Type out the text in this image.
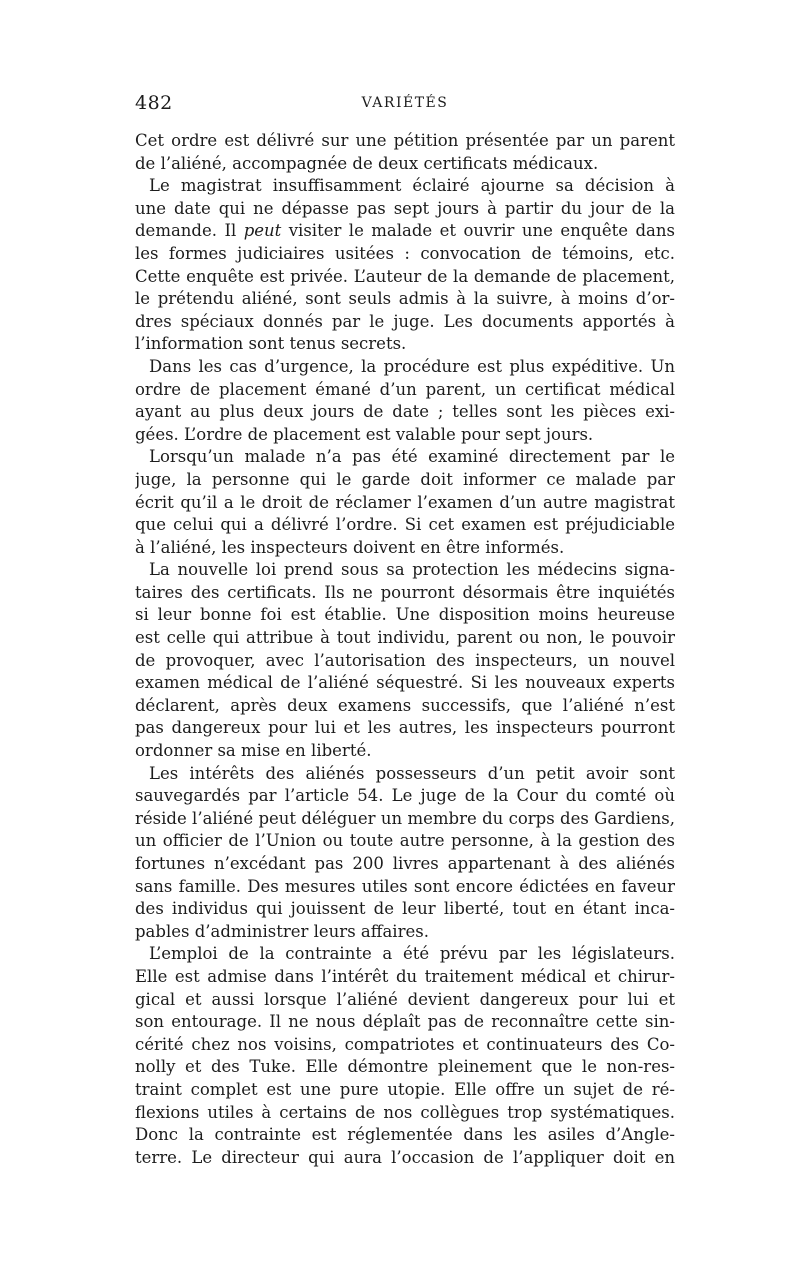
482	VARIÉTÉS
Cet ordre est délivré sur une pétition présentée par un parent
de l’aliéné, accompagnée de deux certificats médicaux.
Le magistrat insuffisamment éclairé ajourne sa décision à
une date qui ne dépasse pas sept jours à partir du jour de la
demande. Il peut visiter le malade et ouvrir une enquête dans
les formes judiciaires usitées : convocation de témoins, etc.
Cette enquête est privée. L’auteur de la demande de placement,
le prétendu aliéné, sont seuls admis à la suivre, à moins d’or-
dres spéciaux donnés par le juge. Les documents apportés à
l’information sont tenus secrets.
Dans les cas d’urgence, la procédure est plus expéditive. Un
ordre de placement émané d’un parent, un certificat médical
ayant au plus deux jours de date ; telles sont les pièces exi-
gées. L’ordre de placement est valable pour sept jours.
Lorsqu’un malade n’a pas été examiné directement par le
juge, la personne qui le garde doit informer ce malade par
écrit qu’il a le droit de réclamer l’examen d’un autre magistrat
que celui qui a délivré l’ordre. Si cet examen est préjudiciable
à l’aliéné, les inspecteurs doivent en être informés.
La nouvelle loi prend sous sa protection les médecins signa-
taires des certificats. Ils ne pourront désormais être inquiétés
si leur bonne foi est établie. Une disposition moins heureuse
est celle qui attribue à tout individu, parent ou non, le pouvoir
de provoquer, avec l’autorisation des inspecteurs, un nouvel
examen médical de l’aliéné séquestré. Si les nouveaux experts
déclarent, après deux examens successifs, que l’aliéné n’est
pas dangereux pour lui et les autres, les inspecteurs pourront
ordonner sa mise en liberté.
Les intérêts des aliénés possesseurs d’un petit avoir sont
sauvegardés par l’article 54. Le juge de la Cour du comté où
réside l’aliéné peut déléguer un membre du corps des Gardiens,
un officier de l’Union ou toute autre personne, à la gestion des
fortunes n’excédant pas 200 livres appartenant à des aliénés
sans famille. Des mesures utiles sont encore édictées en faveur
des individus qui jouissent de leur liberté, tout en étant inca-
pables d’administrer leurs affaires.
L’emploi de la contrainte a été prévu par les législateurs.
Elle est admise dans l’intérêt du traitement médical et chirur-
gical et aussi lorsque l’aliéné devient dangereux pour lui et
son entourage. Il ne nous déplaît pas de reconnaître cette sin-
cérité chez nos voisins, compatriotes et continuateurs des Co-
nolly et des Tuke. Elle démontre pleinement que le non-res-
traint complet est une pure utopie. Elle offre un sujet de ré-
flexions utiles à certains de nos collègues trop systématiques.
Donc la contrainte est réglementée dans les asiles d’Angle-
terre. Le directeur qui aura l’occasion de l’appliquer doit en
